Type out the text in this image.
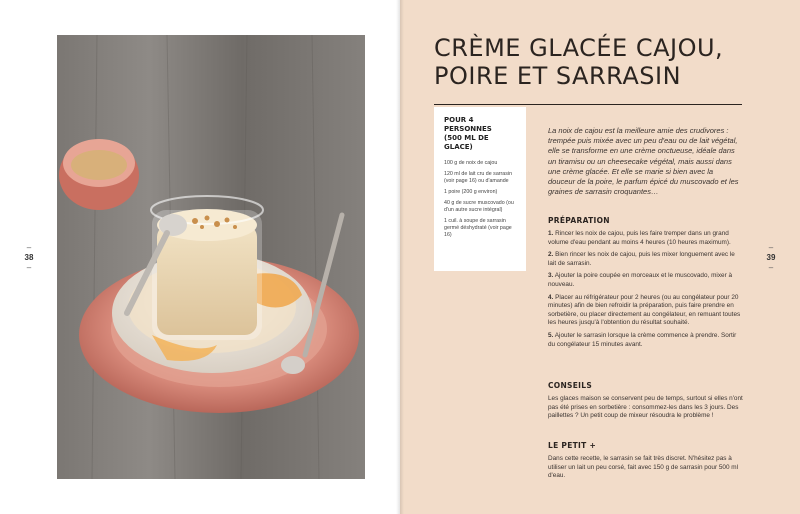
–
38
–
–
39
–
CRÈME GLACÉE CAJOU,
POIRE ET SARRASIN

POUR 4 PERSONNES
(500 ML DE GLACE)

100 g de noix de cajou
120 ml de lait cru de sarrasin (voir page 16) ou d'amande
1 poire (200 g environ)
40 g de sucre muscovado (ou d'un autre sucre intégral)
1 cuil. à soupe de sarrasin germé déshydraté (voir page 16)

La noix de cajou est la meilleure amie des crudivores : trempée puis mixée avec un peu d'eau ou de lait végétal, elle se transforme en une crème onctueuse, idéale dans un tiramisu ou un cheesecake végétal, mais aussi dans une crème glacée. Et elle se marie si bien avec la douceur de la poire, le parfum épicé du muscovado et les graines de sarrasin croquantes…

PRÉPARATION

1. Rincer les noix de cajou, puis les faire tremper dans un grand volume d'eau pendant au moins 4 heures (10 heures maximum).

2. Bien rincer les noix de cajou, puis les mixer longuement avec le lait de sarrasin.

3. Ajouter la poire coupée en morceaux et le muscovado, mixer à nouveau.

4. Placer au réfrigérateur pour 2 heures (ou au congélateur pour 20 minutes) afin de bien refroidir la préparation, puis faire prendre en sorbetière, ou placer directement au congélateur, en remuant toutes les heures jusqu'à l'obtention du résultat souhaité.

5. Ajouter le sarrasin lorsque la crème commence à prendre. Sortir du congélateur 15 minutes avant.

CONSEILS

Les glaces maison se conservent peu de temps, surtout si elles n'ont pas été prises en sorbetière : consommez-les dans les 3 jours. Des paillettes ? Un petit coup de mixeur résoudra le problème !

LE PETIT +

Dans cette recette, le sarrasin se fait très discret. N'hésitez pas à utiliser un lait un peu corsé, fait avec 150 g de sarrasin pour 500 ml d'eau.
